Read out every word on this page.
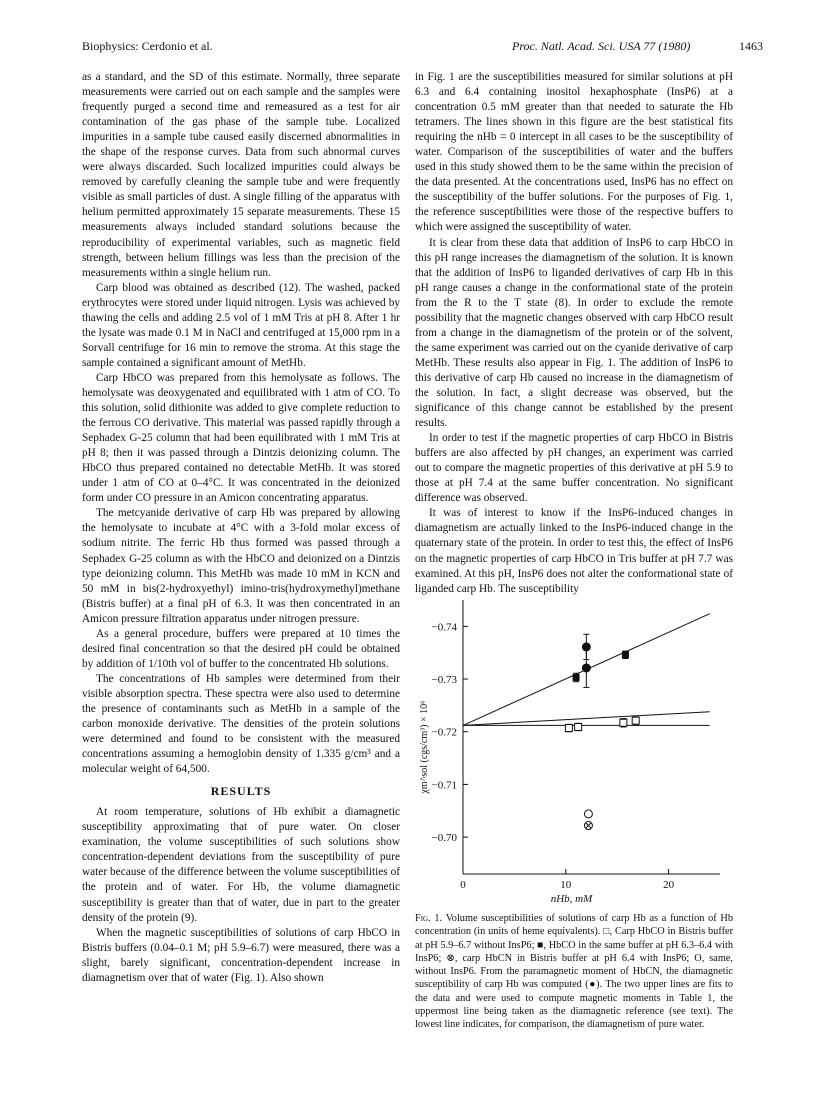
Biophysics: Cerdonio et al.	Proc. Natl. Acad. Sci. USA 77 (1980)	1463

as a standard, and the SD of this estimate. Normally, three separate measurements were carried out on each sample and the samples were frequently purged a second time and remeasured as a test for air contamination of the gas phase of the sample tube. Localized impurities in a sample tube caused easily discerned abnormalities in the shape of the response curves. Data from such abnormal curves were always discarded. Such localized impurities could always be removed by carefully cleaning the sample tube and were frequently visible as small particles of dust. A single filling of the apparatus with helium permitted approximately 15 separate measurements. These 15 measurements always included standard solutions because the reproducibility of experimental variables, such as magnetic field strength, between helium fillings was less than the precision of the measurements within a single helium run.

Carp blood was obtained as described (12). The washed, packed erythrocytes were stored under liquid nitrogen. Lysis was achieved by thawing the cells and adding 2.5 vol of 1 mM Tris at pH 8. After 1 hr the lysate was made 0.1 M in NaCl and centrifuged at 15,000 rpm in a Sorvall centrifuge for 16 min to remove the stroma. At this stage the sample contained a significant amount of MetHb.

Carp HbCO was prepared from this hemolysate as follows. The hemolysate was deoxygenated and equilibrated with 1 atm of CO. To this solution, solid dithionite was added to give complete reduction to the ferrous CO derivative. This material was passed rapidly through a Sephadex G-25 column that had been equilibrated with 1 mM Tris at pH 8; then it was passed through a Dintzis deionizing column. The HbCO thus prepared contained no detectable MetHb. It was stored under 1 atm of CO at 0–4°C. It was concentrated in the deionized form under CO pressure in an Amicon concentrating apparatus.

The metcyanide derivative of carp Hb was prepared by allowing the hemolysate to incubate at 4°C with a 3-fold molar excess of sodium nitrite. The ferric Hb thus formed was passed through a Sephadex G-25 column as with the HbCO and deionized on a Dintzis type deionizing column. This MetHb was made 10 mM in KCN and 50 mM in bis(2-hydroxyethyl) imino-tris(hydroxymethyl)methane (Bistris buffer) at a final pH of 6.3. It was then concentrated in an Amicon pressure filtration apparatus under nitrogen pressure.

As a general procedure, buffers were prepared at 10 times the desired final concentration so that the desired pH could be obtained by addition of 1/10th vol of buffer to the concentrated Hb solutions.

The concentrations of Hb samples were determined from their visible absorption spectra. These spectra were also used to determine the presence of contaminants such as MetHb in a sample of the carbon monoxide derivative. The densities of the protein solutions were determined and found to be consistent with the measured concentrations assuming a hemoglobin density of 1.335 g/cm³ and a molecular weight of 64,500.

RESULTS

At room temperature, solutions of Hb exhibit a diamagnetic susceptibility approximating that of pure water. On closer examination, the volume susceptibilities of such solutions show concentration-dependent deviations from the susceptibility of pure water because of the difference between the volume susceptibilities of the protein and of water. For Hb, the volume diamagnetic susceptibility is greater than that of water, due in part to the greater density of the protein (9).

When the magnetic susceptibilities of solutions of carp HbCO in Bistris buffers (0.04–0.1 M; pH 5.9–6.7) were measured, there was a slight, barely significant, concentration-dependent increase in diamagnetism over that of water (Fig. 1). Also shown

in Fig. 1 are the susceptibilities measured for similar solutions at pH 6.3 and 6.4 containing inositol hexaphosphate (InsP6) at a concentration 0.5 mM greater than that needed to saturate the Hb tetramers. The lines shown in this figure are the best statistical fits requiring the nHb = 0 intercept in all cases to be the susceptibility of water. Comparison of the susceptibilities of water and the buffers used in this study showed them to be the same within the precision of the data presented. At the concentrations used, InsP6 has no effect on the susceptibility of the buffer solutions. For the purposes of Fig. 1, the reference susceptibilities were those of the respective buffers to which were assigned the susceptibility of water.

It is clear from these data that addition of InsP6 to carp HbCO in this pH range increases the diamagnetism of the solution. It is known that the addition of InsP6 to liganded derivatives of carp Hb in this pH range causes a change in the conformational state of the protein from the R to the T state (8). In order to exclude the remote possibility that the magnetic changes observed with carp HbCO result from a change in the diamagnetism of the protein or of the solvent, the same experiment was carried out on the cyanide derivative of carp MetHb. These results also appear in Fig. 1. The addition of InsP6 to this derivative of carp Hb caused no increase in the diamagnetism of the solution. In fact, a slight decrease was observed, but the significance of this change cannot be established by the present results.

In order to test if the magnetic properties of carp HbCO in Bistris buffers are also affected by pH changes, an experiment was carried out to compare the magnetic properties of this derivative at pH 5.9 to those at pH 7.4 at the same buffer concentration. No significant difference was observed.

It was of interest to know if the InsP6-induced changes in diamagnetism are actually linked to the InsP6-induced change in the quaternary state of the protein. In order to test this, the effect of InsP6 on the magnetic properties of carp HbCO in Tris buffer at pH 7.7 was examined. At this pH, InsP6 does not alter the conformational state of liganded carp Hb. The susceptibility

0	10	20
−0.70
−0.71
−0.72
−0.73
−0.74
nHb, mM
χm^sol (cgs/cm³) × 10⁶
Fig. 1. Volume susceptibilities of solutions of carp Hb as a function of Hb concentration (in units of heme equivalents). □, Carp HbCO in Bistris buffer at pH 5.9–6.7 without InsP6; ■, HbCO in the same buffer at pH 6.3–6.4 with InsP6; ⊗, carp HbCN in Bistris buffer at pH 6.4 with InsP6; O, same, without InsP6. From the paramagnetic moment of HbCN, the diamagnetic susceptibility of carp Hb was computed (●). The two upper lines are fits to the data and were used to compute magnetic moments in Table 1, the uppermost line being taken as the diamagnetic reference (see text). The lowest line indicates, for comparison, the diamagnetism of pure water.
